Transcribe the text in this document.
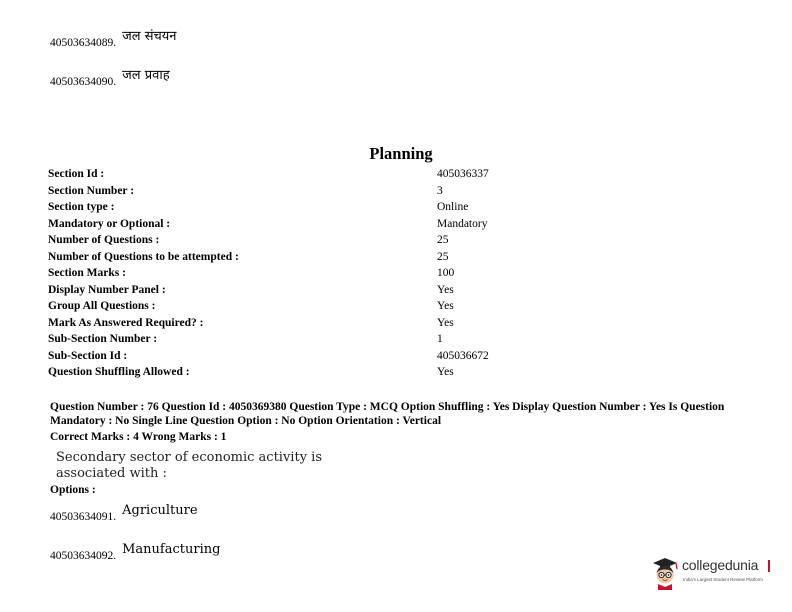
40503634089. $^{जल संचयन}$
40503634090. $^{जल प्रवाह}$
Planning
Section Id :	405036337
Section Number :	3
Section type :	Online
Mandatory or Optional :	Mandatory
Number of Questions :	25
Number of Questions to be attempted :	25
Section Marks :	100
Display Number Panel :	Yes
Group All Questions :	Yes
Mark As Answered Required? :	Yes
Sub-Section Number :	1
Sub-Section Id :	405036672
Question Shuffling Allowed :	Yes
Question Number : 76 Question Id : 4050369380 Question Type : MCQ Option Shuffling : Yes Display Question Number : Yes Is Question Mandatory : No Single Line Question Option : No Option Orientation : Vertical
Correct Marks : 4 Wrong Marks : 1
Secondary sector of economic activity is associated with :
Options :
40503634091. $^{Agriculture}$
40503634092. $^{Manufacturing}$
collegedunia
India's Largest Student Review Platform
